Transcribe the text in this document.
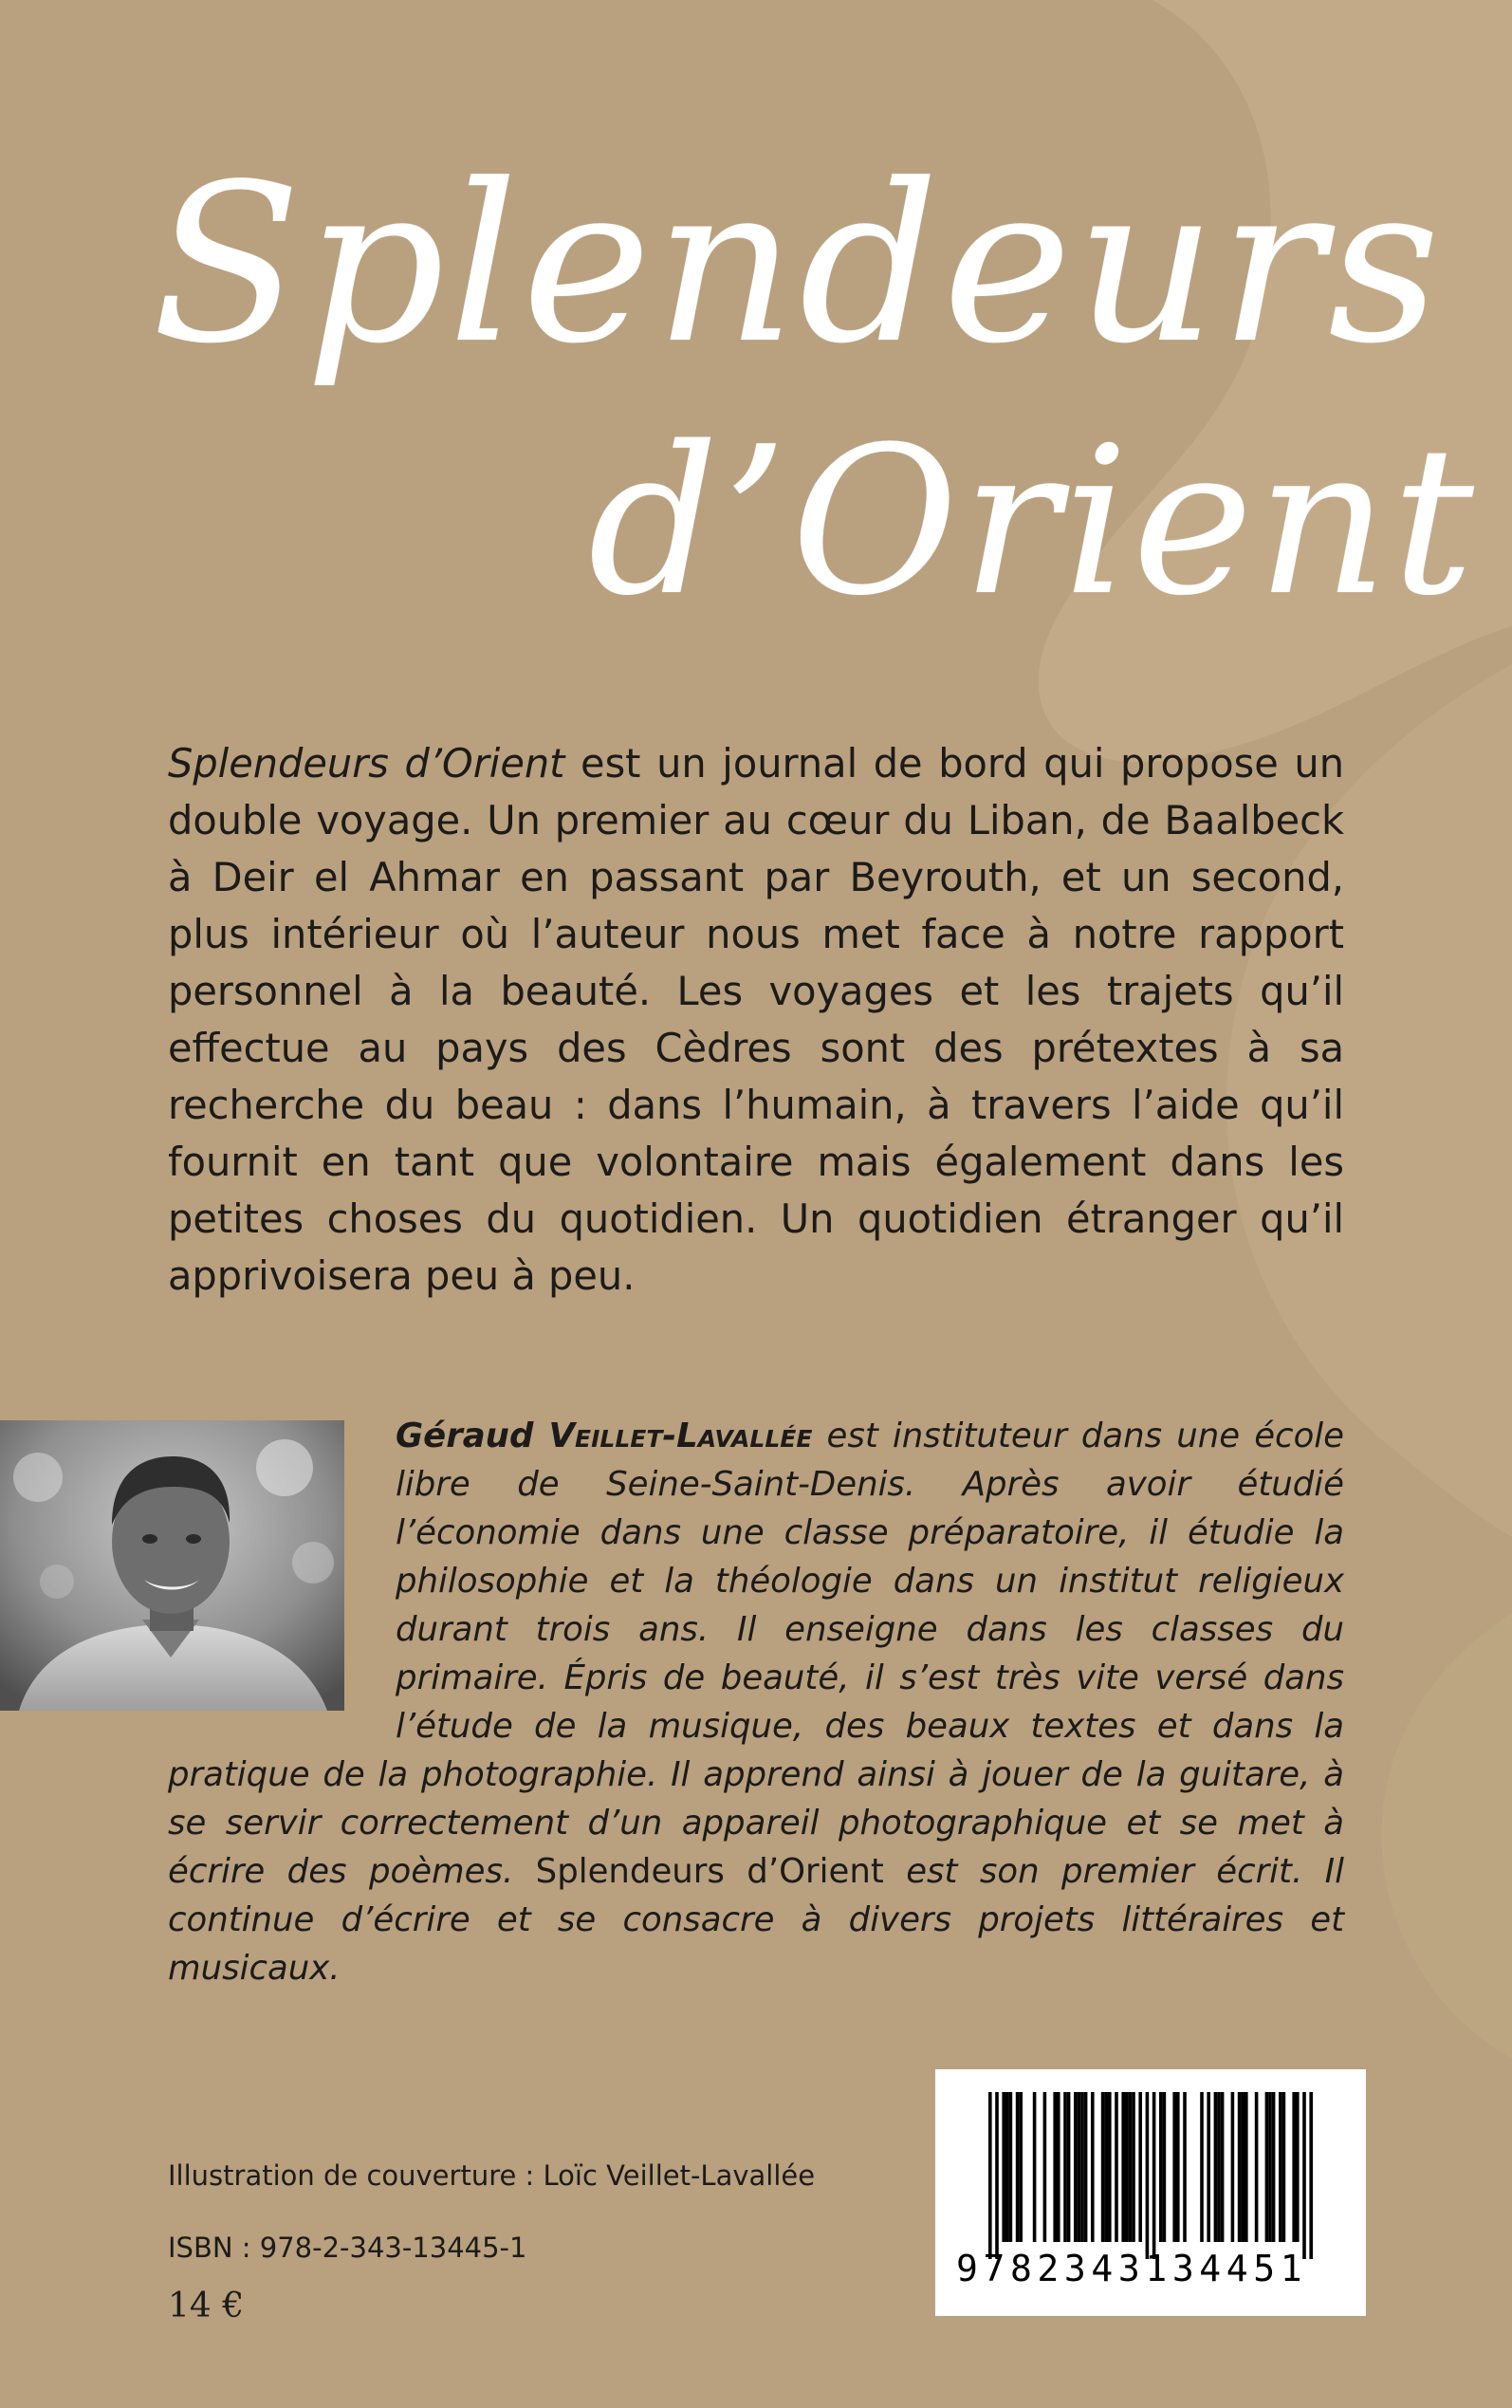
Splendeurs
d’Orient

Splendeurs d’Orient est un journal de bord qui propose un double voyage. Un premier au cœur du Liban, de Baalbeck à Deir el Ahmar en passant par Beyrouth, et un second, plus intérieur où l’auteur nous met face à notre rapport personnel à la beauté. Les voyages et les trajets qu’il effectue au pays des Cèdres sont des prétextes à sa recherche du beau : dans l’humain, à travers l’aide qu’il fournit en tant que volontaire mais également dans les petites choses du quotidien. Un quotidien étranger qu’il apprivoisera peu à peu.

Géraud Veillet-Lavallée est instituteur dans une école libre de Seine-Saint-Denis. Après avoir étudié l’économie dans une classe préparatoire, il étudie la philosophie et la théologie dans un institut religieux durant trois ans. Il enseigne dans les classes du primaire. Épris de beauté, il s’est très vite versé dans l’étude de la musique, des beaux textes et dans la pratique de la photographie. Il apprend ainsi à jouer de la guitare, à se servir correctement d’un appareil photographique et se met à écrire des poèmes. Splendeurs d’Orient est son premier écrit. Il continue d’écrire et se consacre à divers projets littéraires et musicaux.

Illustration de couverture : Loïc Veillet-Lavallée
ISBN : 978-2-343-13445-1
14 €
9782343134451
